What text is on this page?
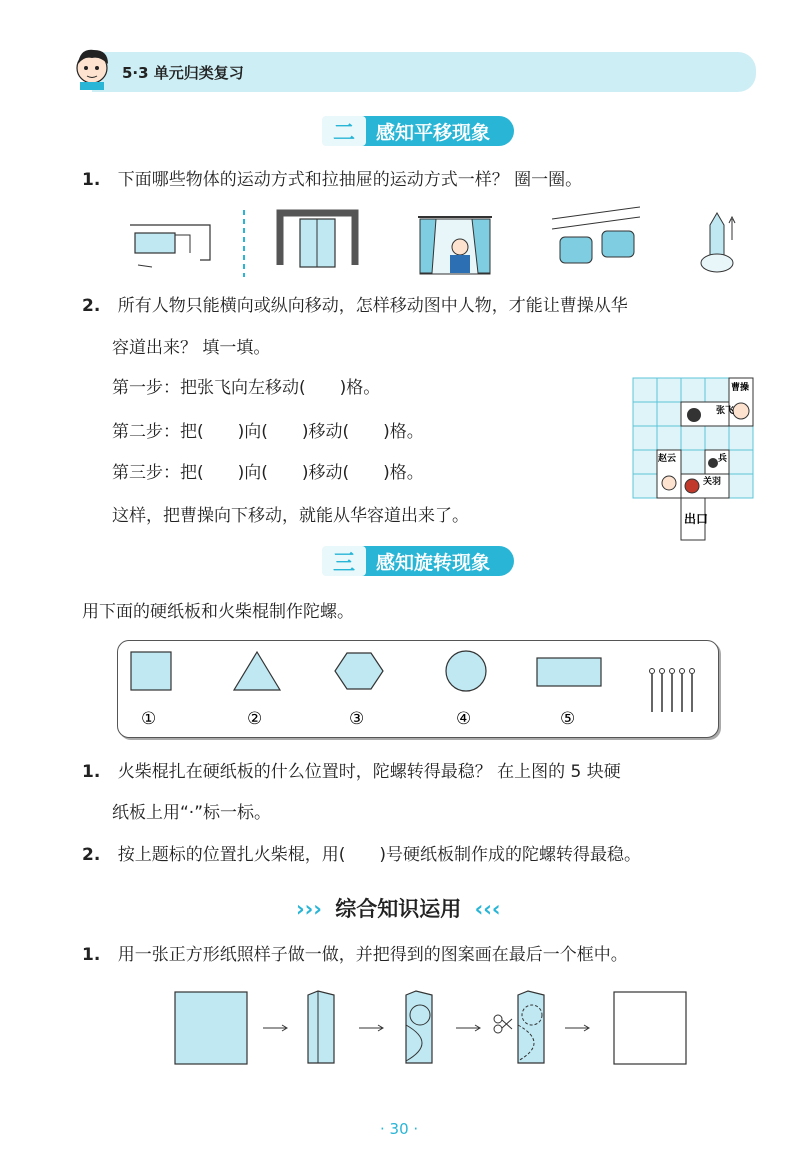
5·3 单元归类复习
二	感知平移现象
1. 下面哪些物体的运动方式和拉抽屉的运动方式一样？ 圈一圈。
2. 所有人物只能横向或纵向移动，怎样移动图中人物，才能让曹操从华
容道出来？ 填一填。
第一步：把张飞向左移动(　　)格。
第二步：把(　　)向(　　)移动(　　)格。
第三步：把(　　)向(　　)移动(　　)格。
这样，把曹操向下移动，就能从华容道出来了。
曹操
张飞
赵云	兵
关羽
出口
三	感知旋转现象
用下面的硬纸板和火柴棍制作陀螺。
①	②	③	④	⑤
1. 火柴棍扎在硬纸板的什么位置时，陀螺转得最稳？ 在上图的 5 块硬
纸板上用“·”标一标。
2. 按上题标的位置扎火柴棍，用(　　)号硬纸板制作成的陀螺转得最稳。
››› 综合知识运用 ‹‹‹
1. 用一张正方形纸照样子做一做，并把得到的图案画在最后一个框中。
· 30 ·
